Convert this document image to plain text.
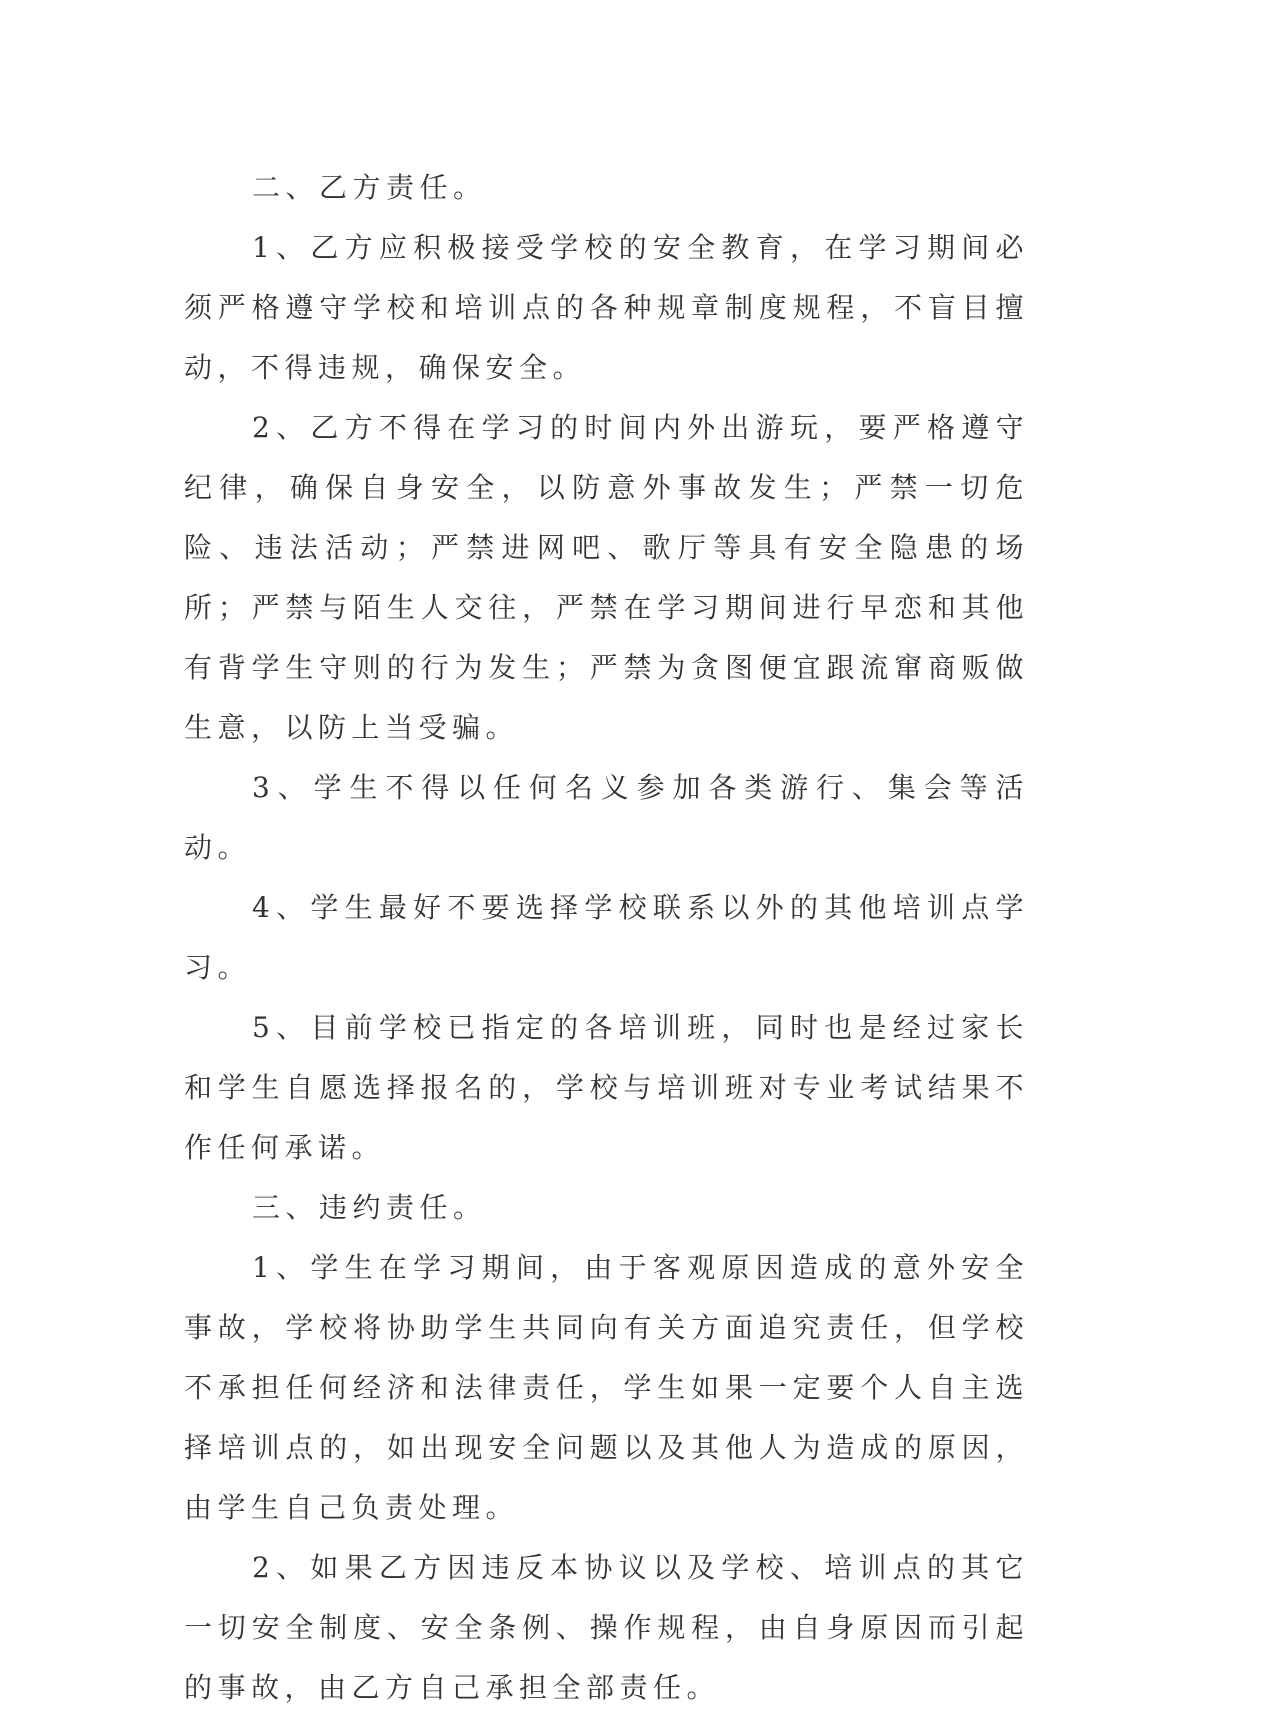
二、乙方责任。

1、乙方应积极接受学校的安全教育，在学习期间必须严格遵守学校和培训点的各种规章制度规程，不盲目擅动，不得违规，确保安全。

2、乙方不得在学习的时间内外出游玩，要严格遵守纪律，确保自身安全，以防意外事故发生；严禁一切危险、违法活动；严禁进网吧、歌厅等具有安全隐患的场所；严禁与陌生人交往，严禁在学习期间进行早恋和其他有背学生守则的行为发生；严禁为贪图便宜跟流窜商贩做生意，以防上当受骗。

3、学生不得以任何名义参加各类游行、集会等活动。

4、学生最好不要选择学校联系以外的其他培训点学习。

5、目前学校已指定的各培训班，同时也是经过家长和学生自愿选择报名的，学校与培训班对专业考试结果不作任何承诺。

三、违约责任。

1、学生在学习期间，由于客观原因造成的意外安全事故，学校将协助学生共同向有关方面追究责任，但学校不承担任何经济和法律责任，学生如果一定要个人自主选择培训点的，如出现安全问题以及其他人为造成的原因，由学生自己负责处理。

2、如果乙方因违反本协议以及学校、培训点的其它一切安全制度、安全条例、操作规程，由自身原因而引起的事故，由乙方自己承担全部责任。
